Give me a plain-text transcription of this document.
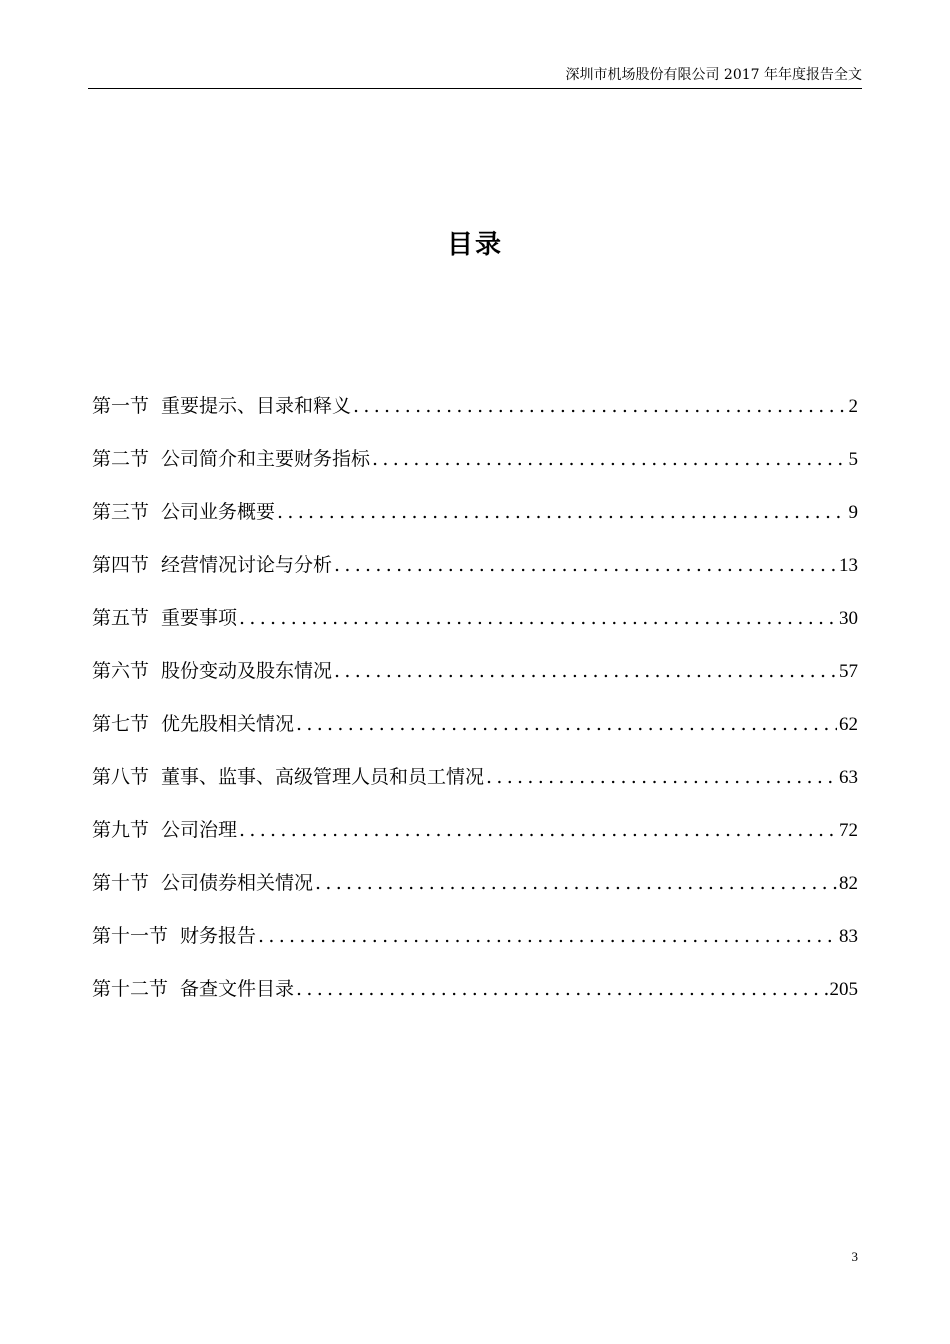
深圳市机场股份有限公司 2017 年年度报告全文
目录
第一节 重要提示、目录和释义 .....	2
第二节 公司简介和主要财务指标 .....	5
第三节 公司业务概要 .....	9
第四节 经营情况讨论与分析 .....	13
第五节 重要事项 .....	30
第六节 股份变动及股东情况 .....	57
第七节 优先股相关情况 .....	62
第八节 董事、监事、高级管理人员和员工情况 .....	63
第九节 公司治理 .....	72
第十节 公司债券相关情况 .....	82
第十一节 财务报告 .....	83
第十二节 备查文件目录 .....	205
3
